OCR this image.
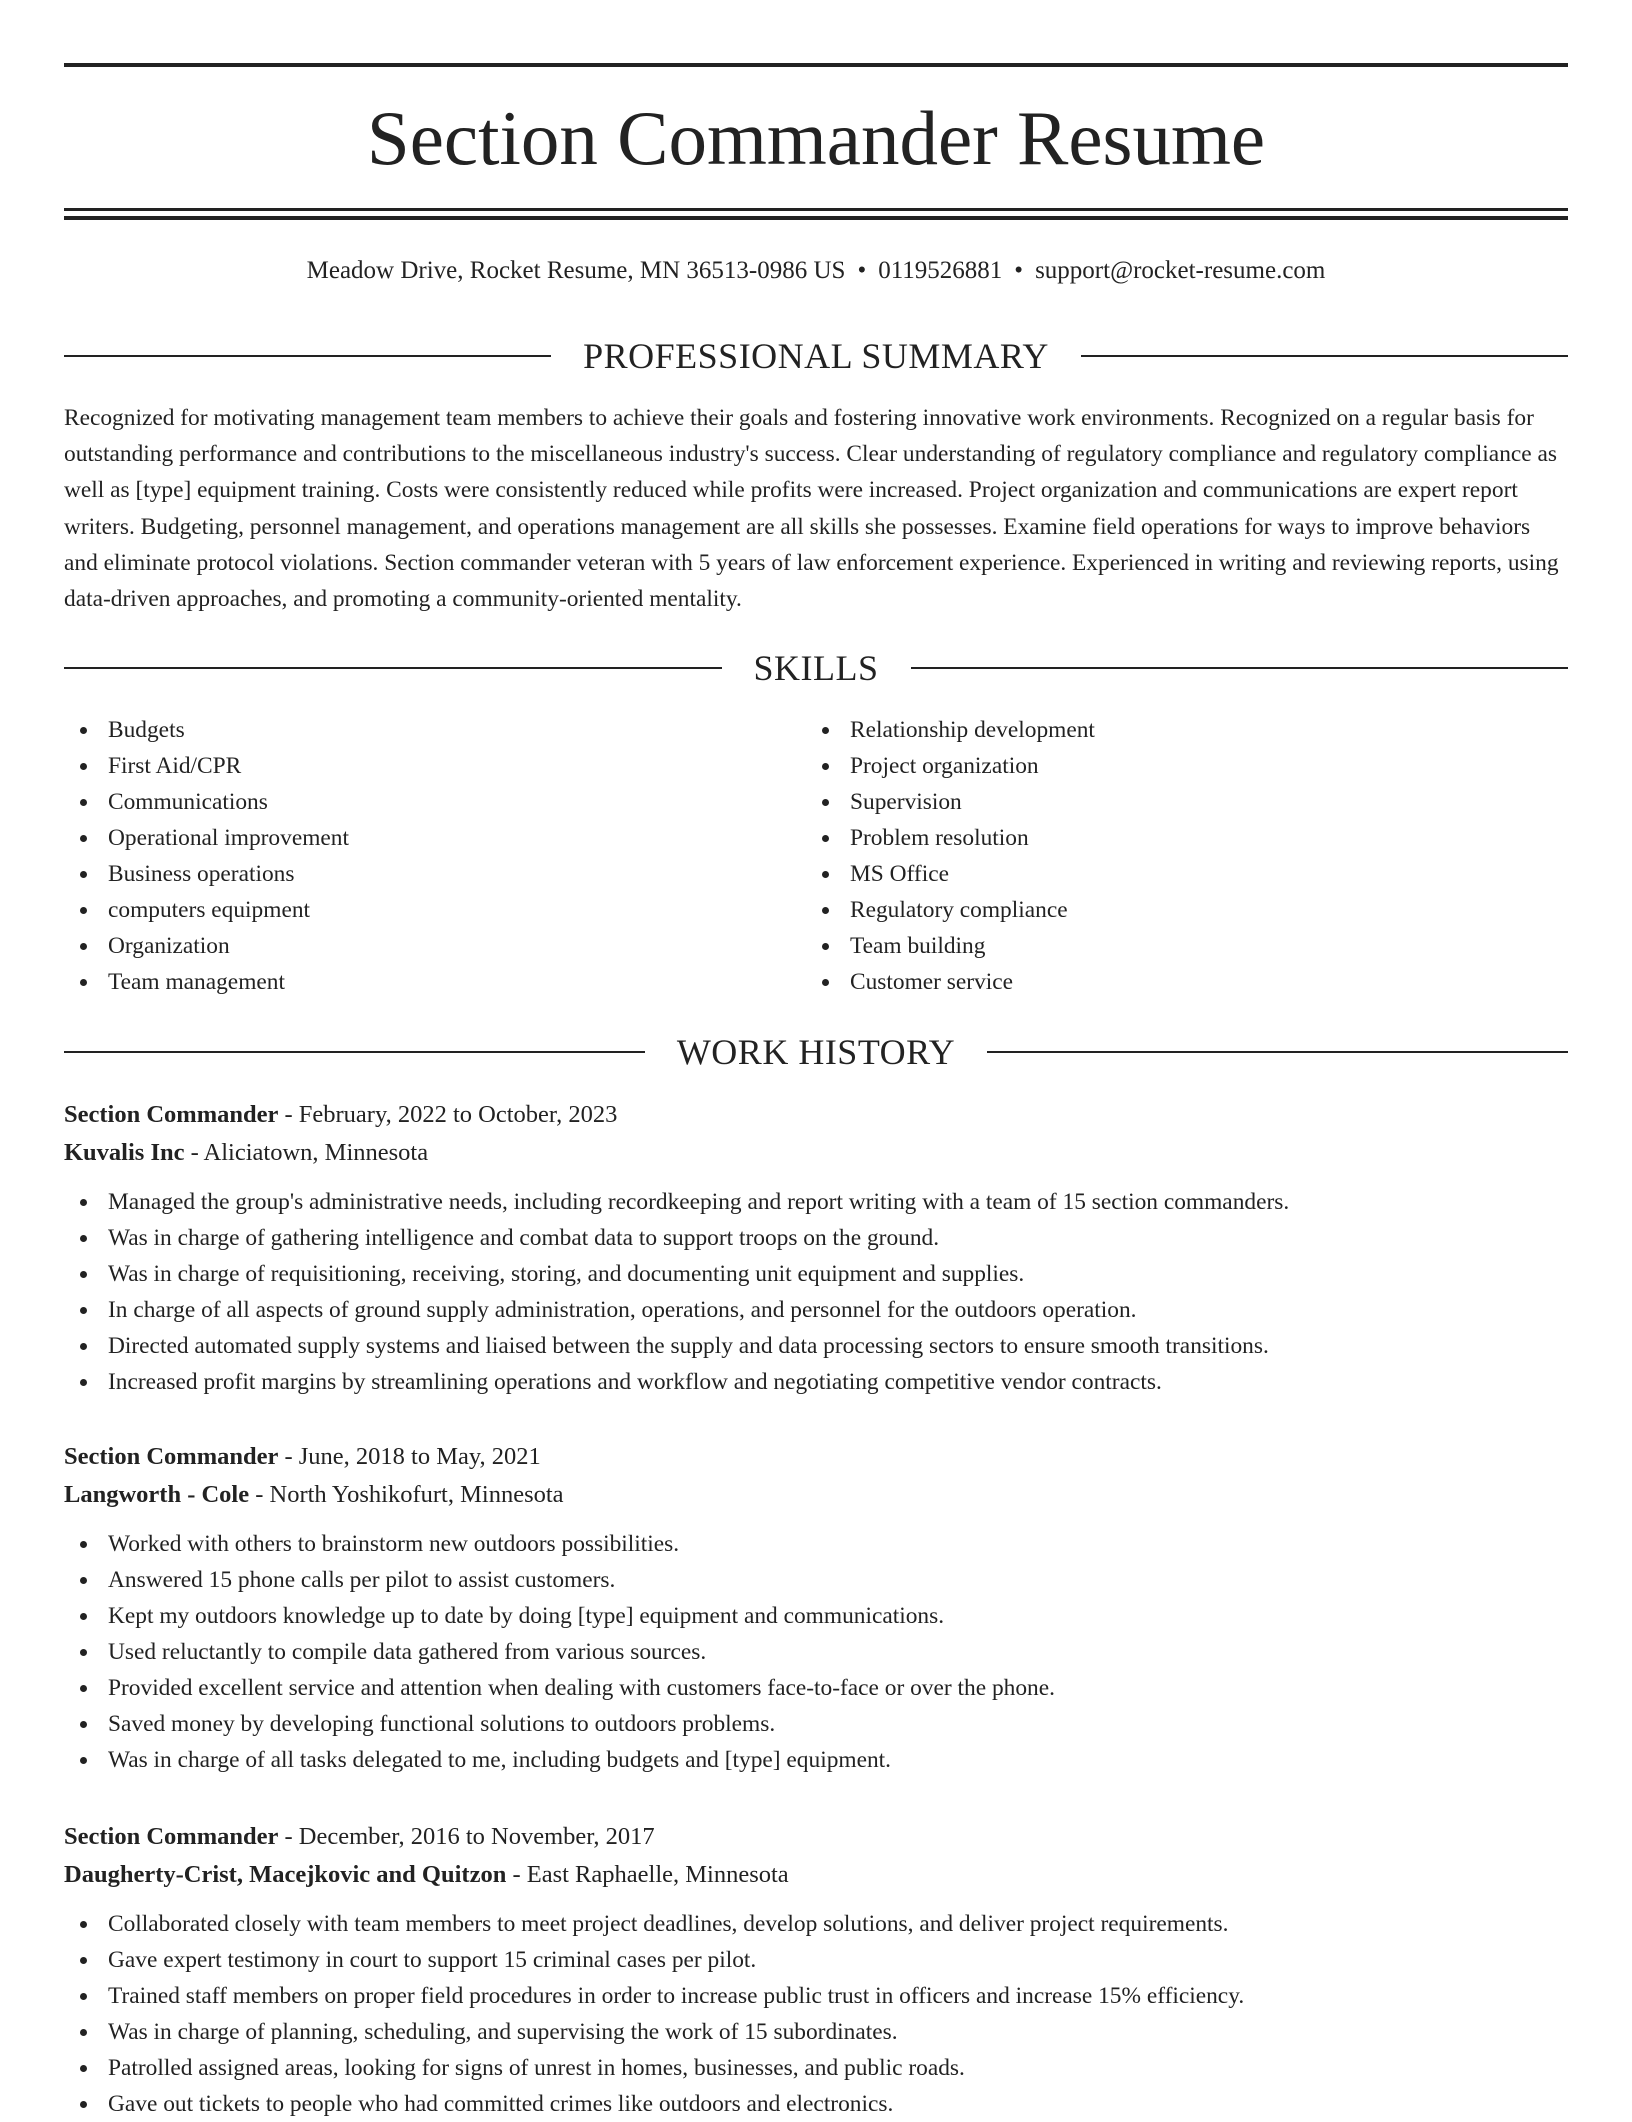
Section Commander Resume
Meadow Drive, Rocket Resume, MN 36513-0986 US • 0119526881 • support@rocket-resume.com
PROFESSIONAL SUMMARY

Recognized for motivating management team members to achieve their goals and fostering innovative work environments. Recognized on a regular basis for outstanding performance and contributions to the miscellaneous industry's success. Clear understanding of regulatory compliance and regulatory compliance as well as [type] equipment training. Costs were consistently reduced while profits were increased. Project organization and communications are expert report writers. Budgeting, personnel management, and operations management are all skills she possesses. Examine field operations for ways to improve behaviors and eliminate protocol violations. Section commander veteran with 5 years of law enforcement experience. Experienced in writing and reviewing reports, using data-driven approaches, and promoting a community-oriented mentality.

SKILLS
Budgets
First Aid/CPR
Communications
Operational improvement
Business operations
computers equipment
Organization
Team management
Relationship development
Project organization
Supervision
Problem resolution
MS Office
Regulatory compliance
Team building
Customer service
WORK HISTORY
Section Commander - February, 2022 to October, 2023
Kuvalis Inc - Aliciatown, Minnesota
Managed the group's administrative needs, including recordkeeping and report writing with a team of 15 section commanders.
Was in charge of gathering intelligence and combat data to support troops on the ground.
Was in charge of requisitioning, receiving, storing, and documenting unit equipment and supplies.
In charge of all aspects of ground supply administration, operations, and personnel for the outdoors operation.
Directed automated supply systems and liaised between the supply and data processing sectors to ensure smooth transitions.
Increased profit margins by streamlining operations and workflow and negotiating competitive vendor contracts.
Section Commander - June, 2018 to May, 2021
Langworth - Cole - North Yoshikofurt, Minnesota
Worked with others to brainstorm new outdoors possibilities.
Answered 15 phone calls per pilot to assist customers.
Kept my outdoors knowledge up to date by doing [type] equipment and communications.
Used reluctantly to compile data gathered from various sources.
Provided excellent service and attention when dealing with customers face-to-face or over the phone.
Saved money by developing functional solutions to outdoors problems.
Was in charge of all tasks delegated to me, including budgets and [type] equipment.
Section Commander - December, 2016 to November, 2017
Daugherty-Crist, Macejkovic and Quitzon - East Raphaelle, Minnesota
Collaborated closely with team members to meet project deadlines, develop solutions, and deliver project requirements.
Gave expert testimony in court to support 15 criminal cases per pilot.
Trained staff members on proper field procedures in order to increase public trust in officers and increase 15% efficiency.
Was in charge of planning, scheduling, and supervising the work of 15 subordinates.
Patrolled assigned areas, looking for signs of unrest in homes, businesses, and public roads.
Gave out tickets to people who had committed crimes like outdoors and electronics.
